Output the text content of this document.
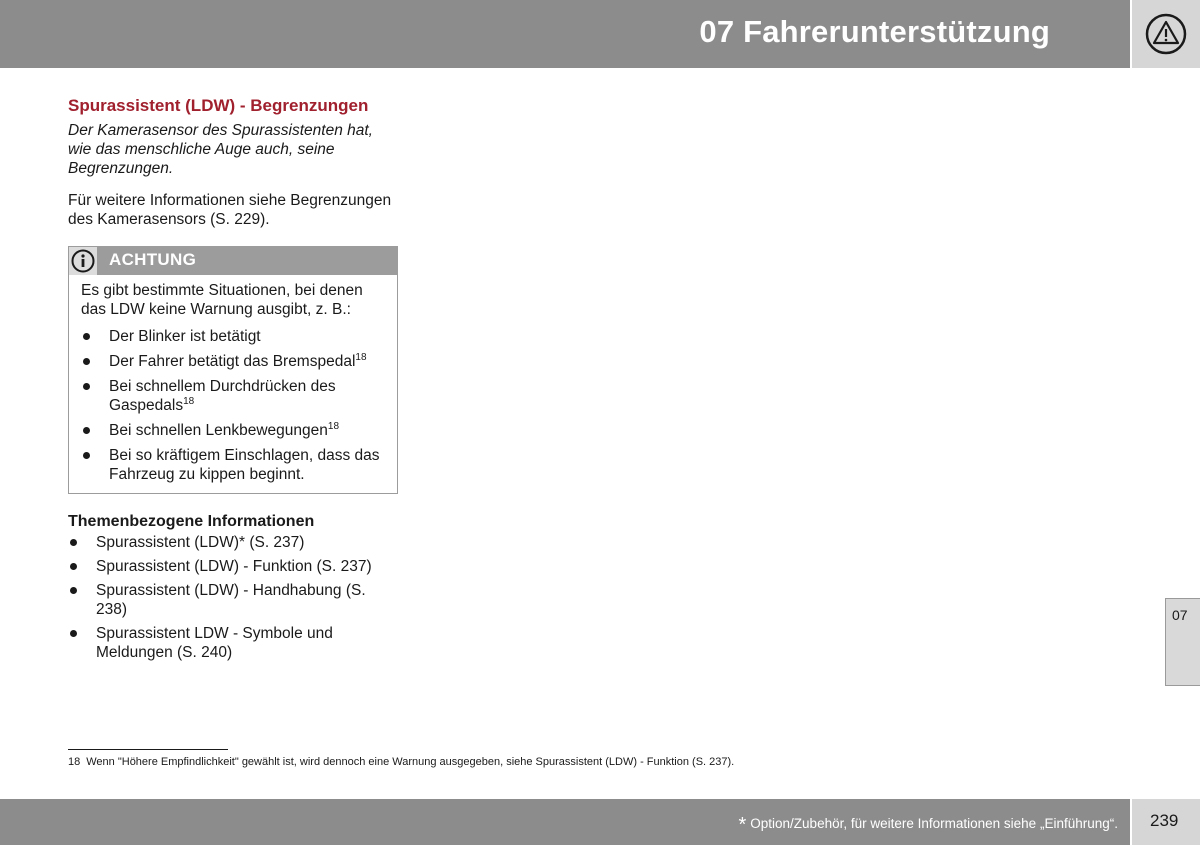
07 Fahrerunterstützung
Spurassistent (LDW) - Begrenzungen

Der Kamerasensor des Spurassistenten hat, wie das menschliche Auge auch, seine Begrenzungen.

Für weitere Informationen siehe Begrenzungen des Kamerasensors (S. 229).

ACHTUNG

Es gibt bestimmte Situationen, bei denen das LDW keine Warnung ausgibt, z. B.:

Der Blinker ist betätigt
Der Fahrer betätigt das Bremspedal$^{18}$
Bei schnellem Durchdrücken des Gaspedals$^{18}$
Bei schnellen Lenkbewegungen$^{18}$
Bei so kräftigem Einschlagen, dass das Fahrzeug zu kippen beginnt.
Themenbezogene Informationen
Spurassistent (LDW)* (S. 237)
Spurassistent (LDW) - Funktion (S. 237)
Spurassistent (LDW) - Handhabung (S. 238)
Spurassistent LDW - Symbole und Meldungen (S. 240)
18 Wenn "Höhere Empfindlichkeit" gewählt ist, wird dennoch eine Warnung ausgegeben, siehe Spurassistent (LDW) - Funktion (S. 237).
07
* Option/Zubehör, für weitere Informationen siehe „Einführung“. 239
